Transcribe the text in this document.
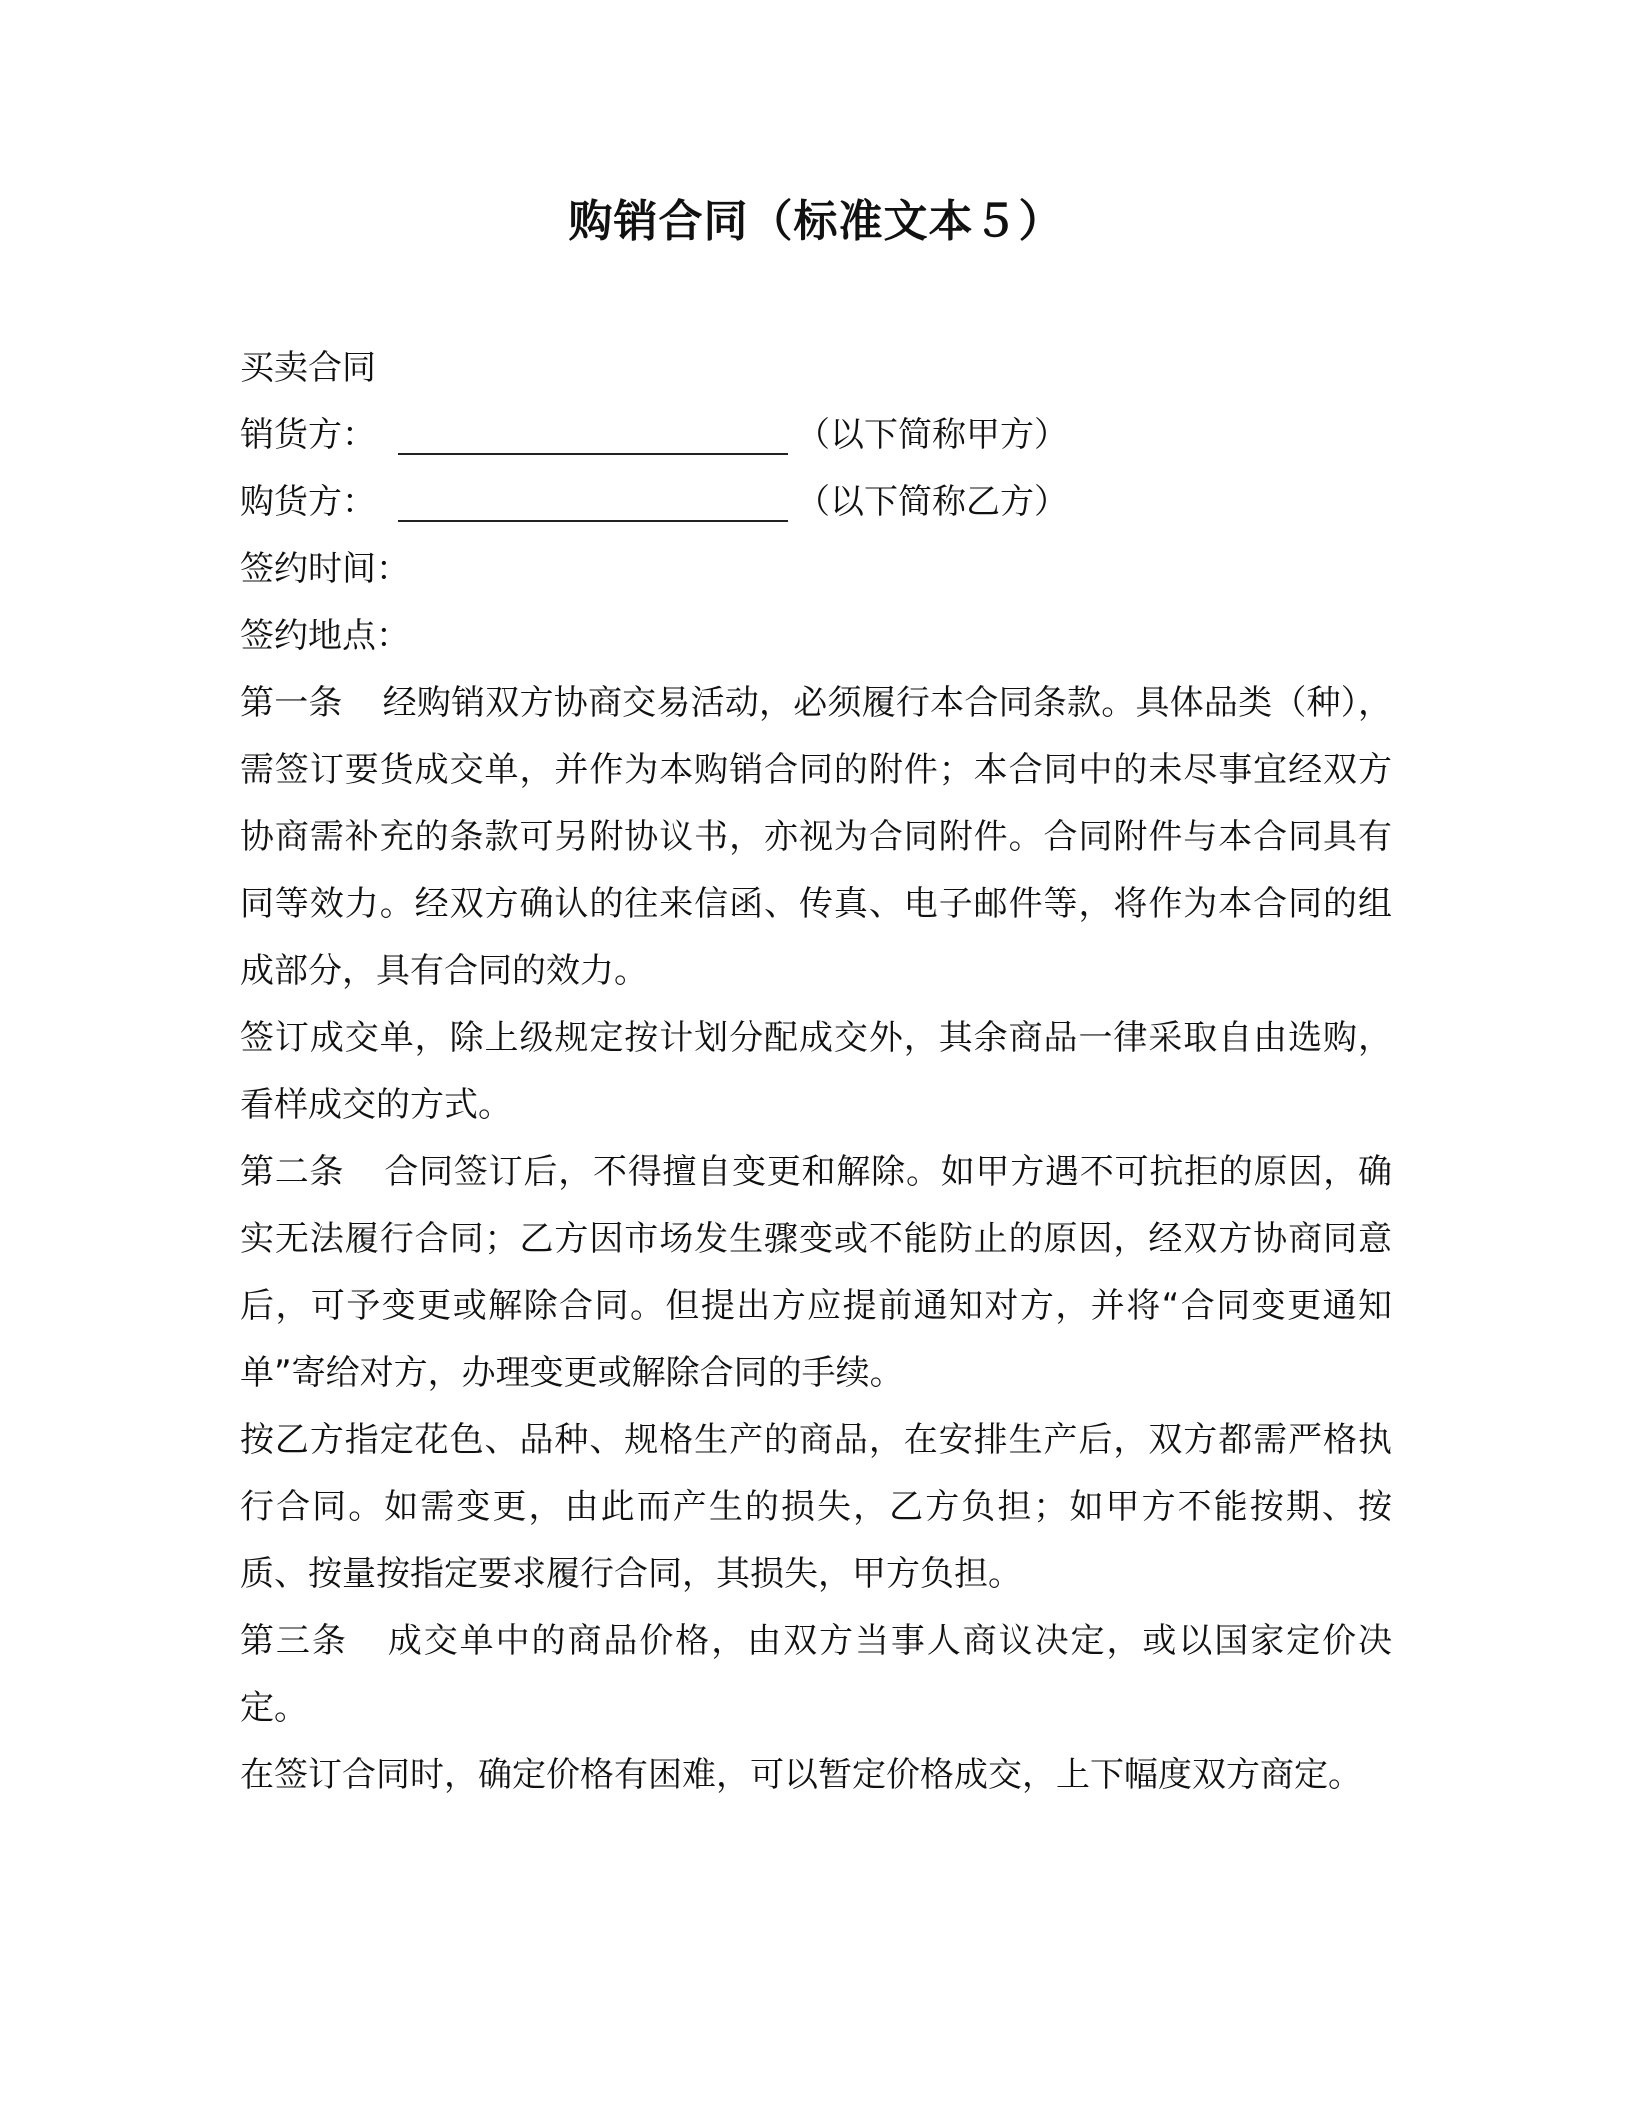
购销合同（标准文本５）
买卖合同
销货方：	（以下简称甲方）
购货方：	（以下简称乙方）
签约时间：
签约地点：

第一条 经购销双方协商交易活动，必须履行本合同条款。具体品类（种），需签订要货成交单，并作为本购销合同的附件；本合同中的未尽事宜经双方协商需补充的条款可另附协议书，亦视为合同附件。合同附件与本合同具有同等效力。经双方确认的往来信函、传真、电子邮件等，将作为本合同的组成部分，具有合同的效力。

签订成交单，除上级规定按计划分配成交外，其余商品一律采取自由选购，看样成交的方式。

第二条 合同签订后，不得擅自变更和解除。如甲方遇不可抗拒的原因，确实无法履行合同；乙方因市场发生骤变或不能防止的原因，经双方协商同意后，可予变更或解除合同。但提出方应提前通知对方，并将“合同变更通知单”寄给对方，办理变更或解除合同的手续。

按乙方指定花色、品种、规格生产的商品，在安排生产后，双方都需严格执行合同。如需变更，由此而产生的损失，乙方负担；如甲方不能按期、按质、按量按指定要求履行合同，其损失，甲方负担。

第三条 成交单中的商品价格，由双方当事人商议决定，或以国家定价决定。

在签订合同时，确定价格有困难，可以暂定价格成交，上下幅度双方商定。
